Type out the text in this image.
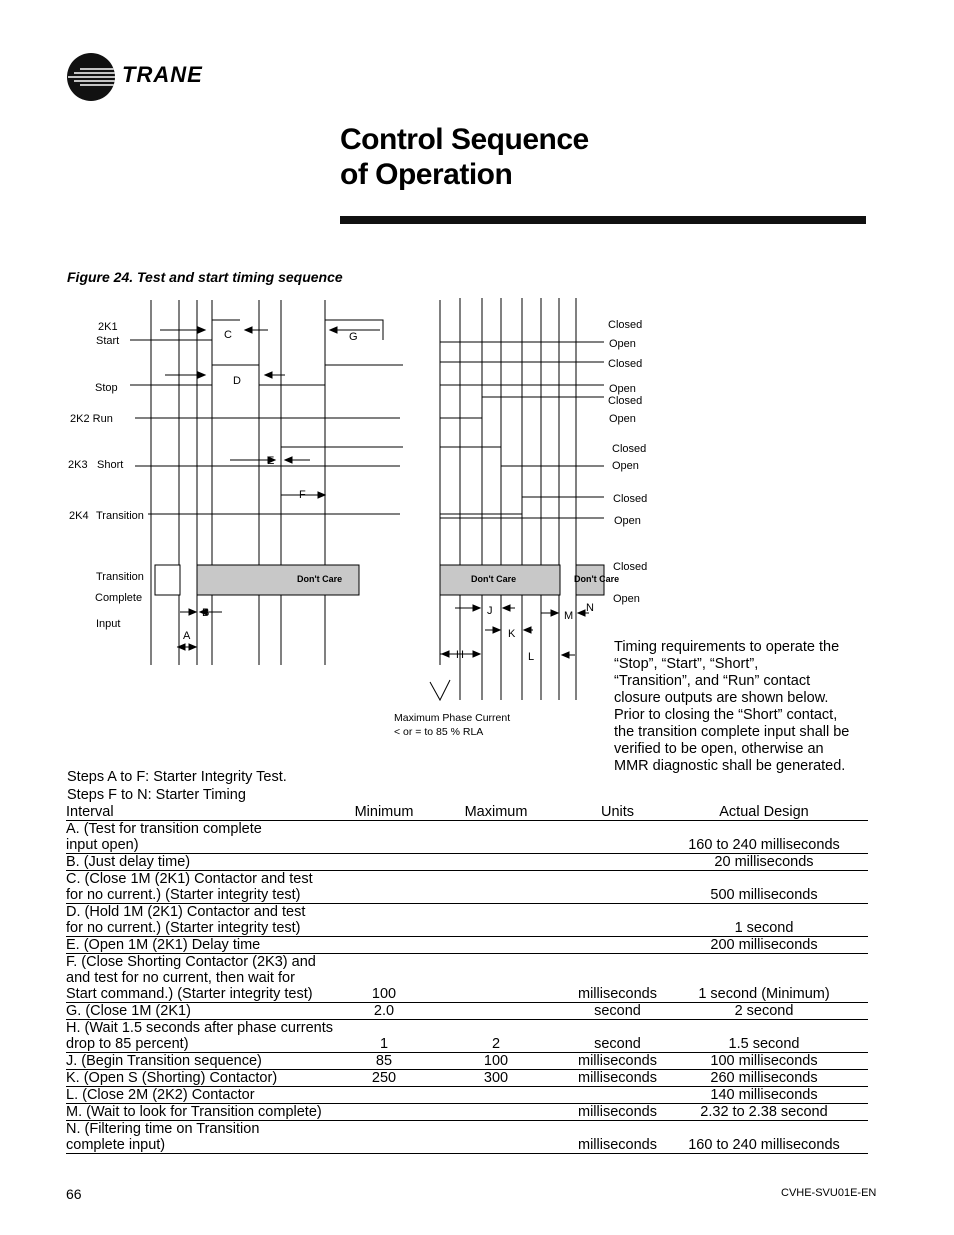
TRANE
Control Sequence
of Operation
Figure 24. Test and start timing sequence
2K1
Start
Stop
2K2 Run
2K3 Short
2K4 Transition
Transition
Complete
Input
C
D
E
F
G
B
A
J
K
H	L
M
N
Closed
Open
Closed
Open
Closed
Open
Closed
Open
Closed
Open
Closed
Open
Don't Care	Don't Care	Don't Care
Maximum Phase Current
< or = to 85 % RLA
Timing requirements to operate the
“Stop”, “Start”, “Short”,
“Transition”, and “Run” contact
closure outputs are shown below.
Prior to closing the “Short” contact,
the transition complete input shall be
verified to be open, otherwise an
MMR diagnostic shall be generated.
Steps A to F: Starter Integrity Test.
Steps F to N: Starter Timing
Interval	Minimum	Maximum	Units	Actual Design

A. (Test for transition complete
input open)				160 to 240 milliseconds

B. (Just delay time)				20 milliseconds

C. (Close 1M (2K1) Contactor and test
for no current.) (Starter integrity test)				500 milliseconds

D. (Hold 1M (2K1) Contactor and test
for no current.) (Starter integrity test)				1 second

E. (Open 1M (2K1) Delay time				200 milliseconds

F. (Close Shorting Contactor (2K3) and
and test for no current, then wait for
Start command.) (Starter integrity test)	100		milliseconds	1 second (Minimum)

G. (Close 1M (2K1)	2.0		second	2 second

H. (Wait 1.5 seconds after phase currents
drop to 85 percent)	1	2	second	1.5 second

J. (Begin Transition sequence)	85	100	milliseconds	100 milliseconds

K. (Open S (Shorting) Contactor)	250	300	milliseconds	260 milliseconds

L. (Close 2M (2K2) Contactor				140 milliseconds

M. (Wait to look for Transition complete)			milliseconds	2.32 to 2.38 second

N. (Filtering time on Transition
complete input)			milliseconds	160 to 240 milliseconds
66	CVHE-SVU01E-EN
